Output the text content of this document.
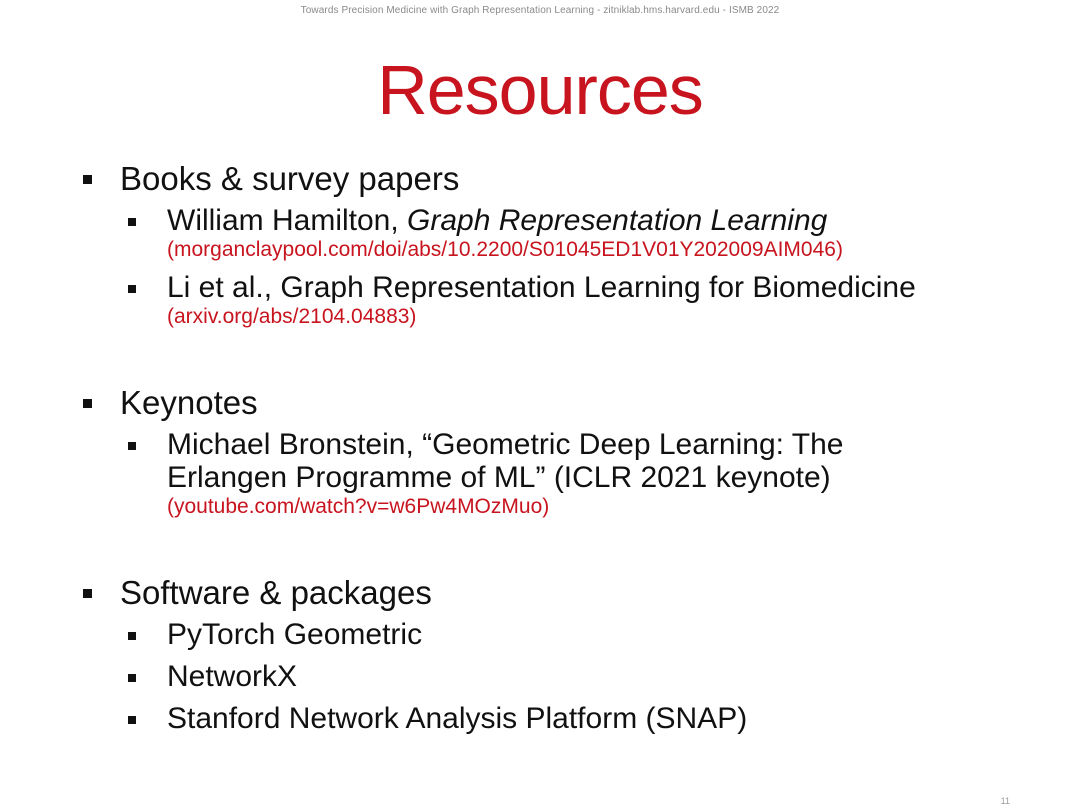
Towards Precision Medicine with Graph Representation Learning - zitniklab.hms.harvard.edu - ISMB 2022
Resources
Books & survey papers
William Hamilton, Graph Representation Learning
(morganclaypool.com/doi/abs/10.2200/S01045ED1V01Y202009AIM046)
Li et al., Graph Representation Learning for Biomedicine
(arxiv.org/abs/2104.04883)
Keynotes
Michael Bronstein, “Geometric Deep Learning: The Erlangen Programme of ML” (ICLR 2021 keynote)
(youtube.com/watch?v=w6Pw4MOzMuo)
Software & packages
PyTorch Geometric
NetworkX
Stanford Network Analysis Platform (SNAP)
11
